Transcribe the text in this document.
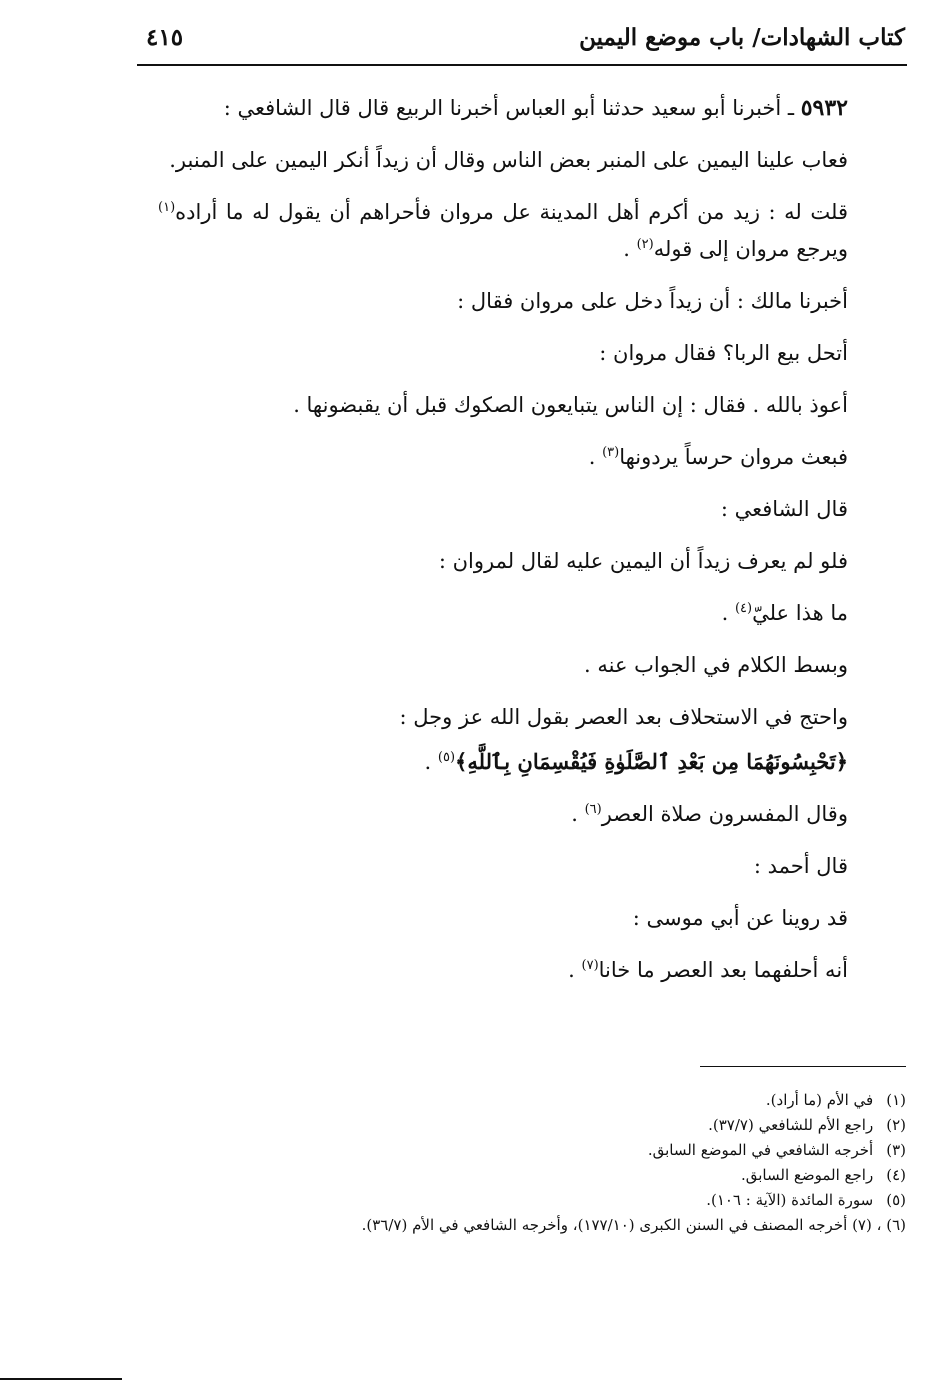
كتاب الشهادات/ باب موضع اليمين
٤١٥

٥٩٣٢ ـ أخبرنا أبو سعيد حدثنا أبو العباس أخبرنا الربيع قال قال الشافعي :

فعاب علينا اليمين على المنبر بعض الناس وقال أن زيداً أنكر اليمين على المنبر.

قلت له : زيد من أكرم أهل المدينة عل مروان فأحراهم أن يقول له ما أراده$^{(١)}$ ويرجع مروان إلى قوله$^{(٢)}$ .

أخبرنا مالك : أن زيداً دخل على مروان فقال :

أتحل بيع الربا؟ فقال مروان :

أعوذ بالله . فقال : إن الناس يتبايعون الصكوك قبل أن يقبضونها .

فبعث مروان حرساً يردونها$^{(٣)}$ .

قال الشافعي :

فلو لم يعرف زيداً أن اليمين عليه لقال لمروان :

ما هذا عليّ$^{(٤)}$ .

وبسط الكلام في الجواب عنه .

واحتج في الاستحلاف بعد العصر بقول الله عز وجل :

﴿تَحْبِسُونَهُمَا مِن بَعْدِ ٱلصَّلَوٰةِ فَيُقْسِمَانِ بِٱللَّهِ﴾$^{(٥)}$ .

وقال المفسرون صلاة العصر$^{(٦)}$ .

قال أحمد :

قد روينا عن أبي موسى :

أنه أحلفهما بعد العصر ما خانا$^{(٧)}$ .

(١) في الأم (ما أراد).
(٢) راجع الأم للشافعي (٣٧/٧).
(٣) أخرجه الشافعي في الموضع السابق.
(٤) راجع الموضع السابق.
(٥) سورة المائدة (الآية : ١٠٦).
(٦) ، (٧) أخرجه المصنف في السنن الكبرى (١٧٧/١٠)، وأخرجه الشافعي في الأم (٣٦/٧).
